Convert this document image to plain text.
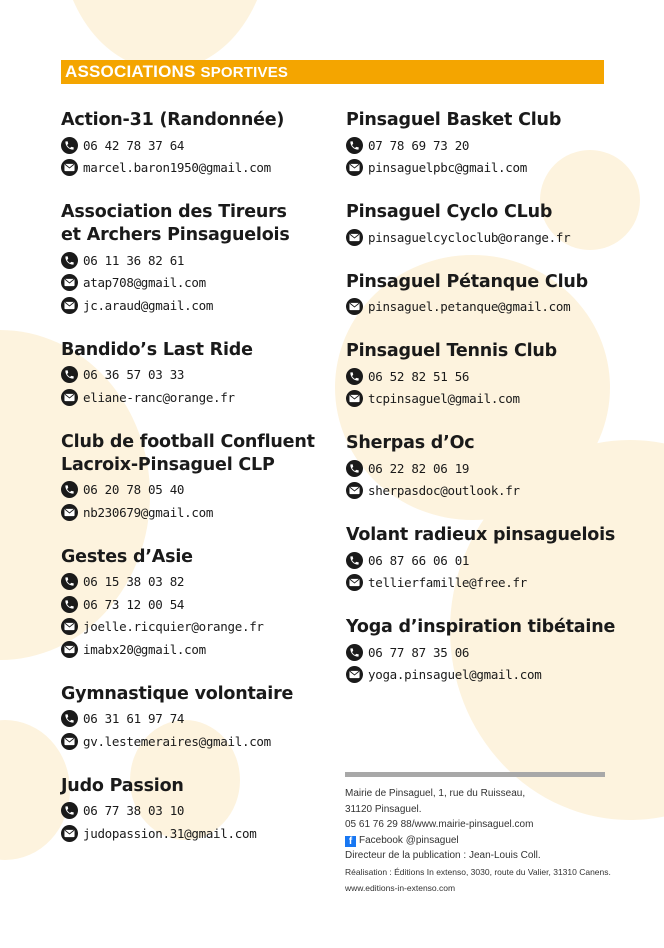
ASSOCIATIONS SPORTIVES
Action-31 (Randonnée)
06 42 78 37 64
marcel.baron1950@gmail.com
Association des Tireurs
et Archers Pinsaguelois
06 11 36 82 61
atap708@gmail.com
jc.araud@gmail.com
Bandido’s Last Ride
06 36 57 03 33
eliane-ranc@orange.fr
Club de football Confluent
Lacroix-Pinsaguel CLP
06 20 78 05 40
nb230679@gmail.com
Gestes d’Asie
06 15 38 03 82
06 73 12 00 54
joelle.ricquier@orange.fr
imabx20@gmail.com
Gymnastique volontaire
06 31 61 97 74
gv.lestemeraires@gmail.com
Judo Passion
06 77 38 03 10
judopassion.31@gmail.com
Pinsaguel Basket Club
07 78 69 73 20
pinsaguelpbc@gmail.com
Pinsaguel Cyclo CLub
pinsaguelcycloclub@orange.fr
Pinsaguel Pétanque Club
pinsaguel.petanque@gmail.com
Pinsaguel Tennis Club
06 52 82 51 56
tcpinsaguel@gmail.com
Sherpas d’Oc
06 22 82 06 19
sherpasdoc@outlook.fr
Volant radieux pinsaguelois
06 87 66 06 01
tellierfamille@free.fr
Yoga d’inspiration tibétaine
06 77 87 35 06
yoga.pinsaguel@gmail.com
Mairie de Pinsaguel, 1, rue du Ruisseau,
31120 Pinsaguel.
05 61 76 29 88/www.mairie-pinsaguel.com
f Facebook @pinsaguel
Directeur de la publication : Jean-Louis Coll.
Réalisation : Éditions In extenso, 3030, route du Valier, 31310 Canens.
www.editions-in-extenso.com
